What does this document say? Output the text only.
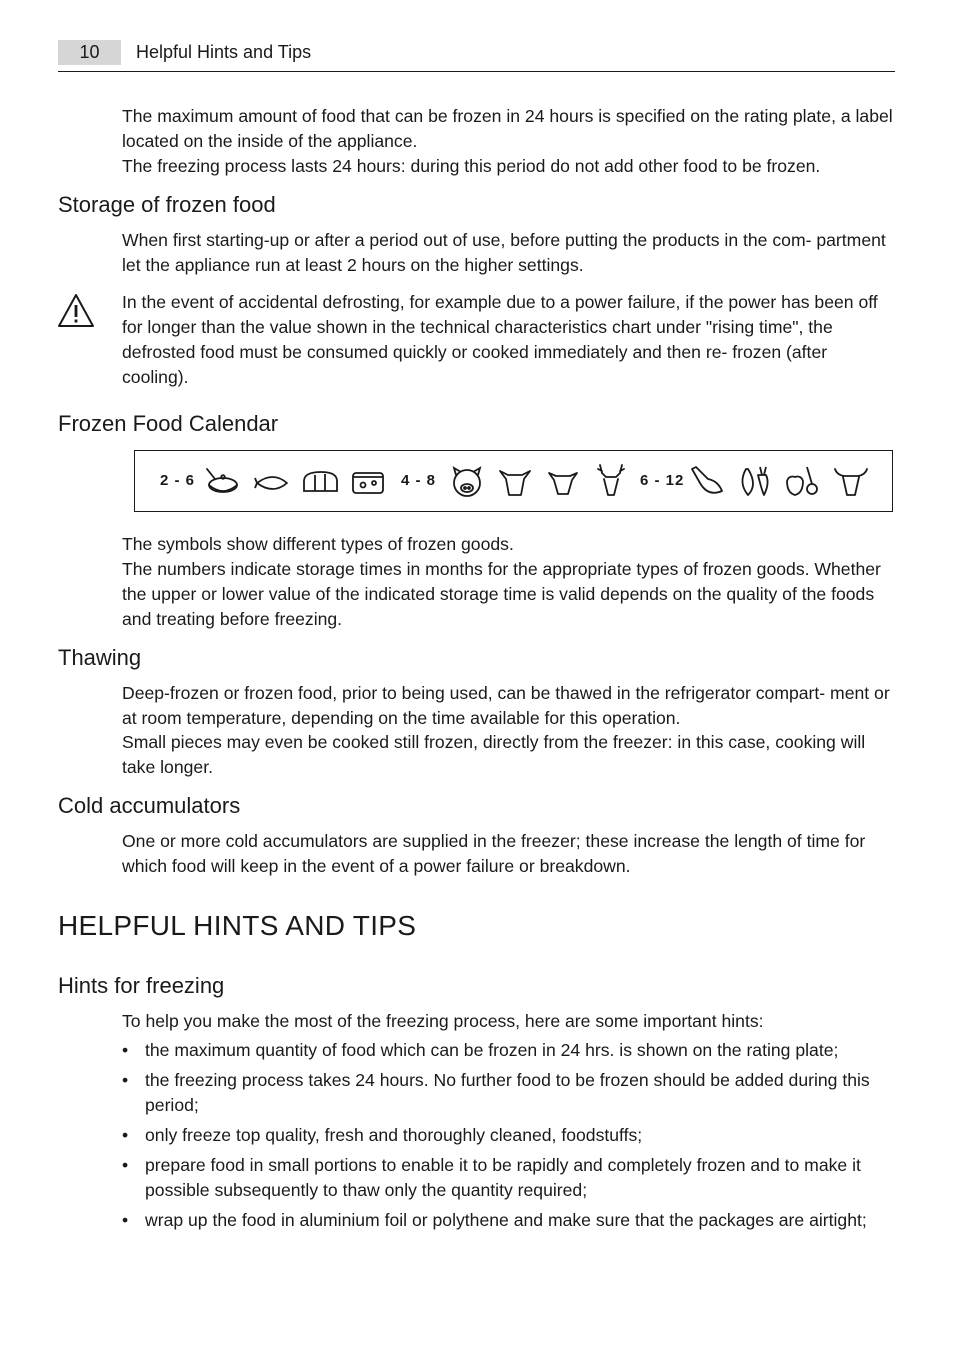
10	Helpful Hints and Tips

The maximum amount of food that can be frozen in 24 hours is specified on the rating plate, a label located on the inside of the appliance.
The freezing process lasts 24 hours: during this period do not add other food to be frozen.

Storage of frozen food

When first starting-up or after a period out of use, before putting the products in the com- partment let the appliance run at least 2 hours on the higher settings.

In the event of accidental defrosting, for example due to a power failure, if the power has been off for longer than the value shown in the technical characteristics chart under "rising time", the defrosted food must be consumed quickly or cooked immediately and then re- frozen (after cooling).

Frozen Food Calendar
2 - 6	4 - 8	6 - 12

The symbols show different types of frozen goods.

The numbers indicate storage times in months for the appropriate types of frozen goods. Whether the upper or lower value of the indicated storage time is valid depends on the quality of the foods and treating before freezing.

Thawing

Deep-frozen or frozen food, prior to being used, can be thawed in the refrigerator compart- ment or at room temperature, depending on the time available for this operation.

Small pieces may even be cooked still frozen, directly from the freezer: in this case, cooking will take longer.

Cold accumulators

One or more cold accumulators are supplied in the freezer; these increase the length of time for which food will keep in the event of a power failure or breakdown.

HELPFUL HINTS AND TIPS
Hints for freezing

To help you make the most of the freezing process, here are some important hints:

• the maximum quantity of food which can be frozen in 24 hrs. is shown on the rating plate;
• the freezing process takes 24 hours. No further food to be frozen should be added during this period;
• only freeze top quality, fresh and thoroughly cleaned, foodstuffs;
• prepare food in small portions to enable it to be rapidly and completely frozen and to make it possible subsequently to thaw only the quantity required;
• wrap up the food in aluminium foil or polythene and make sure that the packages are airtight;
